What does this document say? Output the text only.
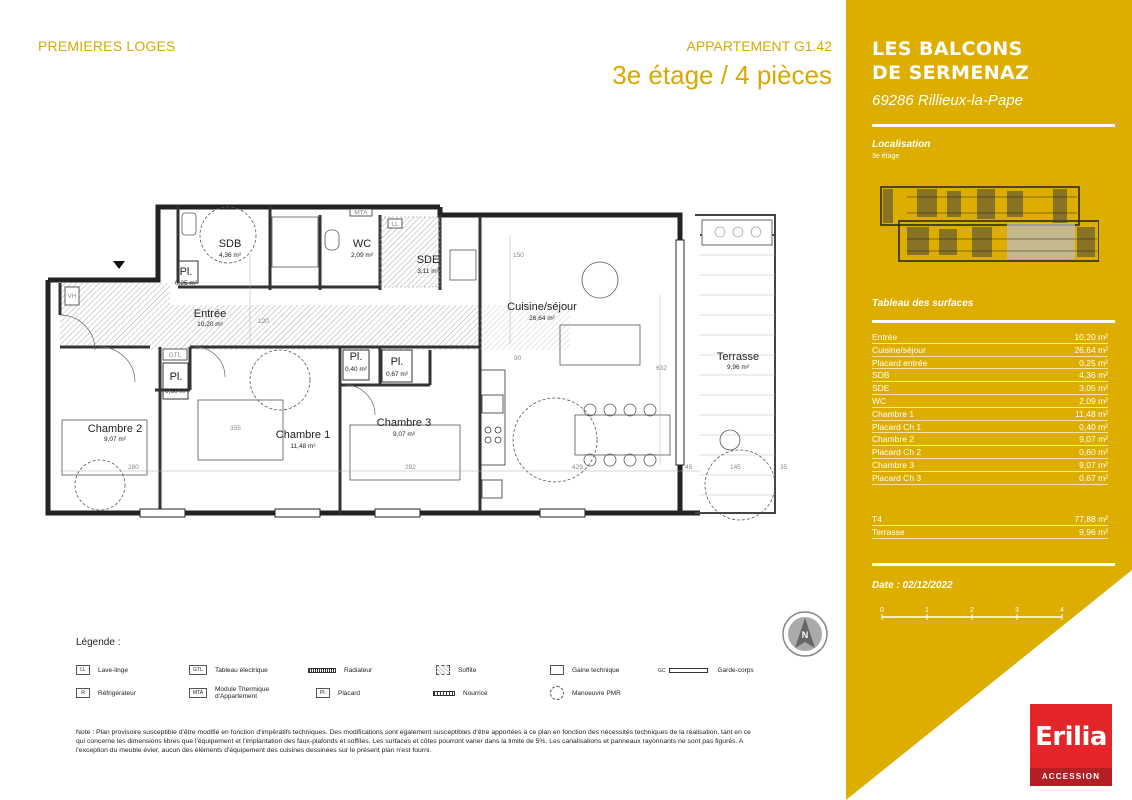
PREMIERES LOGES	APPARTEMENT G1.42
3e étage / 4 pièces
MTA
LL
GTL
VH
280	292	429	45	145	35
120
632
150
355
90
SDB
4,36 m²
WC
2,09 m²	SDE
3,11 m²
Pl.
0,25 m²
Entrée
10,20 m²
Cuisine/séjour
26,64 m²
Terrasse
9,96 m²
Pl.
0,40 m²
Pl.
0,67 m²
Pl.
0,60 m²
Chambre 2
9,07 m²	Chambre 1
11,48 m²
Chambre 3
9,07 m²
N
Légende :
LL	Lave-linge	GTL	Tableau électrique	Radiateur	Soffite	Gaine technique	GC	Garde-corps
R	Réfrigérateur	MTA	Module Thermique d'Appartement	Pl.	Placard	Nourrice	Manoeuvre PMR
Note : Plan provisoire susceptible d'être modifié en fonction d'impératifs techniques. Des modifications sont également susceptibles d'être apportées à ce plan en fonction des nécessités techniques de la réalisation, tant en ce qui concerne les dimensions libres que l'équipement et l'implantation des faux-plafonds et soffites. Les surfaces et côtes pourront varier dans la limite de 5%. Les canalisations et panneaux rayonnants ne sont pas figurés. A l'exception du meuble évier, aucun des éléments d'équipement des cuisines dessinées sur le présent plan n'est fourni.
LES BALCONS
DE SERMENAZ
69286 Rillieux-la-Pape
Localisation
3e étage
Tableau des surfaces
Entrée	10,20 m²
Cuisine/séjour	26,64 m²
Placard entrée	0,25 m²
SDB	4,36 m²
SDE	3,05 m²
WC	2,09 m²
Chambre 1	11,48 m²
Placard Ch 1	0,40 m²
Chambre 2	9,07 m²
Placard Ch 2	0,60 m²
Chambre 3	9,07 m²
Placard Ch 3	0,67 m²
T4	77,88 m²
Terrasse	9,96 m²
Date : 02/12/2022
0	1	2	3	4
Erilia
ACCESSION
